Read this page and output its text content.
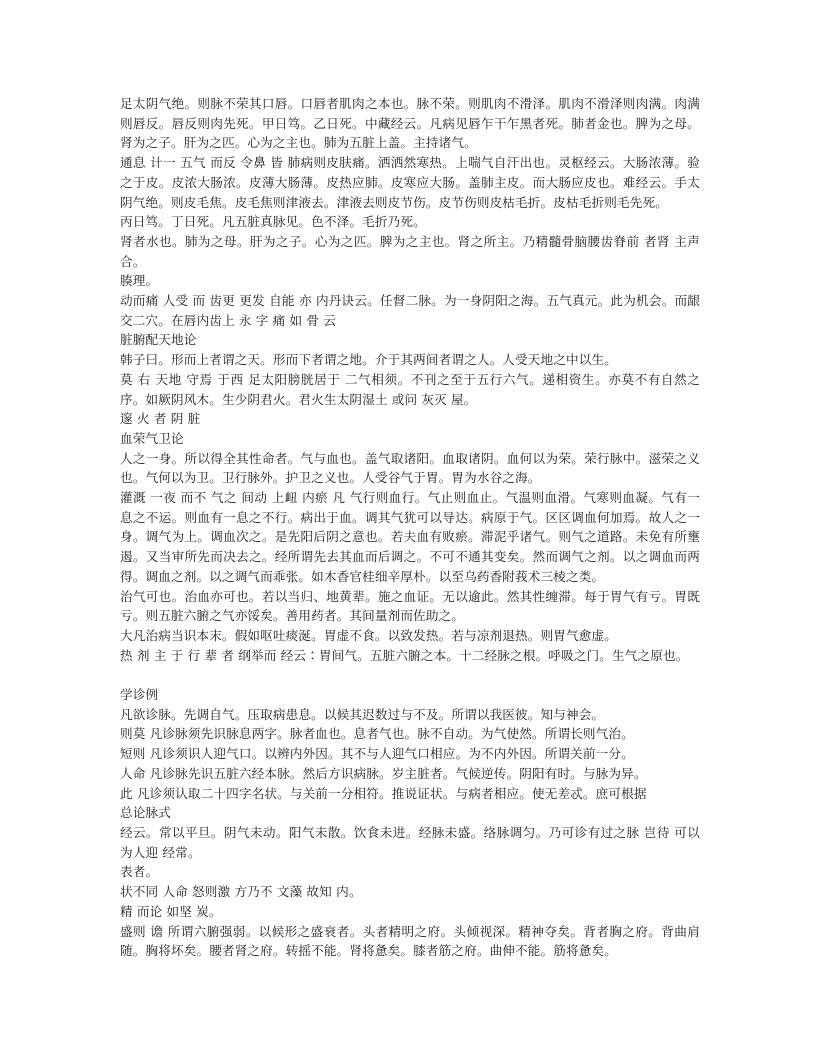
足太阴气绝。则脉不荣其口唇。口唇者肌肉之本也。脉不荣。则肌肉不滑泽。肌肉不滑泽则肉满。肉满则唇反。唇反则肉先死。甲日笃。乙日死。中藏经云。凡病见唇乍干乍黑者死。肺者金也。脾为之母。肾为之子。肝为之匹。心为之主也。肺为五脏上盖。主持诸气。

通息 计一 五气 而反 令鼻 皆 肺病则皮肤痛。洒洒然寒热。上喘气自汗出也。灵枢经云。大肠浓薄。验之于皮。皮浓大肠浓。皮薄大肠薄。皮热应肺。皮寒应大肠。盖肺主皮。而大肠应皮也。难经云。手太阴气绝。则皮毛焦。皮毛焦则津液去。津液去则皮节伤。皮节伤则皮枯毛折。皮枯毛折则毛先死。

丙日笃。丁日死。凡五脏真脉见。色不泽。毛折乃死。

肾者水也。肺为之母。肝为之子。心为之匹。脾为之主也。肾之所主。乃精髓骨脑腰齿脊前 者肾 主声 合。

腠理。

动而痛 人受 而 齿更 更发 自能 亦 内丹诀云。任督二脉。为一身阴阳之海。五气真元。此为机会。而龈交二穴。在唇内齿上 永 字 痛 如 骨 云

脏腑配天地论

韩子曰。形而上者谓之天。形而下者谓之地。介于其两间者谓之人。人受天地之中以生。

莫 右 天地 守焉 于西 足太阳膀胱居于 二气相须。不刊之至于五行六气。递相资生。亦莫不有自然之序。如厥阴风木。生少阴君火。君火生太阴湿土 或问 灰灭 屋。

邃 火 者 阴 脏

血荣气卫论

人之一身。所以得全其性命者。气与血也。盖气取诸阳。血取诸阴。血何以为荣。荣行脉中。滋荣之义也。气何以为卫。卫行脉外。护卫之义也。人受谷气于胃。胃为水谷之海。

灌溉 一夜 而不 气之 间动 上衄 内瘀 凡 气行则血行。气止则血止。气温则血滑。气寒则血凝。气有一息之不运。则血有一息之不行。病出于血。调其气犹可以导达。病原于气。区区调血何加焉。故人之一身。调气为上。调血次之。是先阳后阴之意也。若夫血有败瘀。滞泥乎诸气。则气之道路。未免有所壅遏。又当审所先而决去之。经所谓先去其血而后调之。不可不通其变矣。然而调气之剂。以之调血而两得。调血之剂。以之调气而乖张。如木香官桂细辛厚朴。以至乌药香附莪术三棱之类。

治气可也。治血亦可也。若以当归、地黄辈。施之血证。无以逾此。然其性缠滞。每于胃气有亏。胃既亏。则五脏六腑之气亦馁矣。善用药者。其间量剂而佐助之。

大凡治病当识本末。假如呕吐痰涎。胃虚不食。以致发热。若与凉剂退热。则胃气愈虚。

热 剂 主 于 行 辈 者 纲举而 经云∶胃间气。五脏六腑之本。十二经脉之根。呼吸之门。生气之原也。

学诊例

凡欲诊脉。先调自气。压取病患息。以候其迟数过与不及。所谓以我医彼。知与神会。

则莫 凡诊脉须先识脉息两字。脉者血也。息者气也。脉不自动。为气使然。所谓长则气治。

短则 凡诊须识人迎气口。以辨内外因。其不与人迎气口相应。为不内外因。所谓关前一分。

人命 凡诊脉先识五脏六经本脉。然后方识病脉。岁主脏者。气候逆传。阴阳有时。与脉为异。

此 凡诊须认取二十四字名状。与关前一分相符。推说证状。与病者相应。使无差忒。庶可根据

总论脉式

经云。常以平旦。阴气未动。阳气未散。饮食未进。经脉未盛。络脉调匀。乃可诊有过之脉 岂待 可以 为人迎 经常。

表者。

状不同 人命 怒则激 方乃不 文藻 故知 内。

精 而论 如坚 炭。

盛则 谵 所谓六腑强弱。以候形之盛衰者。头者精明之府。头倾视深。精神夺矣。背者胸之府。背曲肩随。胸将坏矣。腰者肾之府。转摇不能。肾将惫矣。膝者筋之府。曲伸不能。筋将惫矣。
